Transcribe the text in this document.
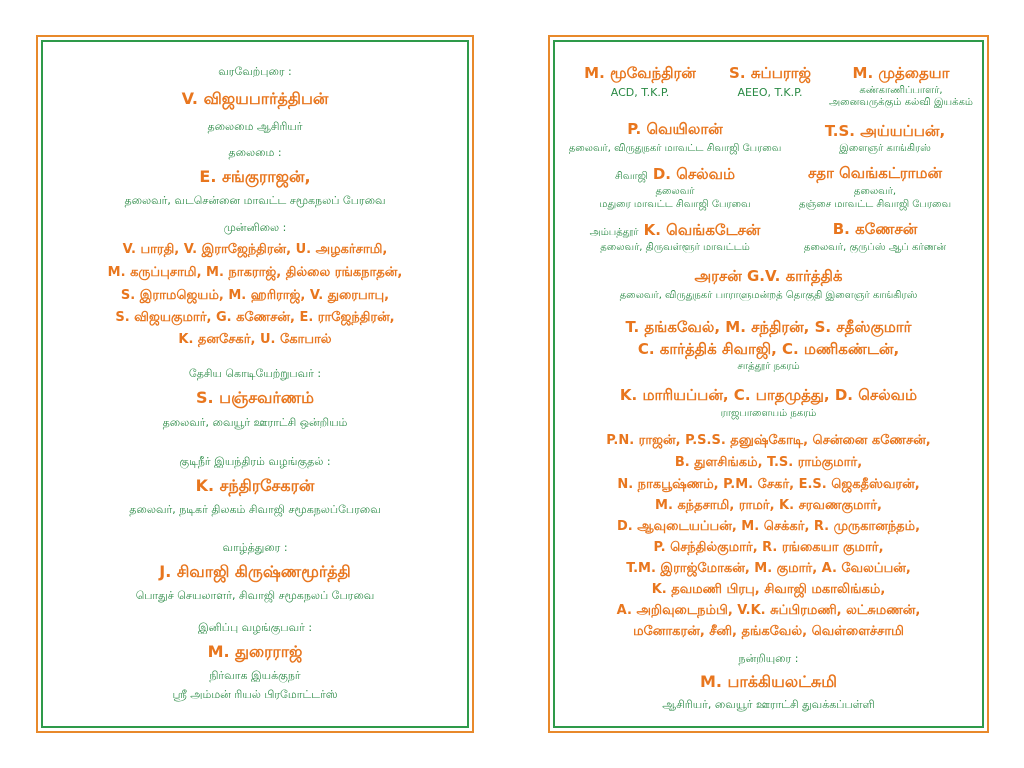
வரவேற்புரை :
V. விஜயபார்த்திபன்
தலைமை ஆசிரியர்
தலைமை :
E. சங்குராஜன்,
தலைவர், வடசென்னை மாவட்ட சமூகநலப் பேரவை
முன்னிலை :
V. பாரதி, V. இராஜேந்திரன், U. அழகர்சாமி,
M. கருப்புசாமி, M. நாகராஜ், தில்லை ரங்கநாதன்,
S. இராமஜெயம், M. ஹரிராஜ், V. துரைபாபு,
S. விஜயகுமார், G. கணேசன், E. ராஜேந்திரன்,
K. தனசேகர், U. கோபால்
தேசிய கொடியேற்றுபவர் :
S. பஞ்சவர்ணம்
தலைவர், வையூர் ஊராட்சி ஒன்றியம்
குடிநீர் இயந்திரம் வழங்குதல் :
K. சந்திரசேகரன்
தலைவர், நடிகர் திலகம் சிவாஜி சமூகநலப்பேரவை
வாழ்த்துரை :
J. சிவாஜி கிருஷ்ணமூர்த்தி
பொதுச் செயலாளர், சிவாஜி சமூகநலப் பேரவை
இனிப்பு வழங்குபவர் :
M. துரைராஜ்
நிர்வாக இயக்குநர்
ஸ்ரீ அம்மன் ரியல் பிரமோட்டர்ஸ்
M. மூவேந்திரன்	S. சுப்பராஜ்	M. முத்தையா
ACD, T.K.P.	AEEO, T.K.P.	கண்காணிப்பாளர்,
அனைவருக்கும் கல்வி இயக்கம்
P. வெயிலான்	T.S. அய்யப்பன்,
தலைவர், விருதுநகர் மாவட்ட சிவாஜி பேரவை	இளைஞர் காங்கிரஸ்
சிவாஜி D. செல்வம்	சதா வெங்கட்ராமன்
தலைவர்	தலைவர்,
மதுரை மாவட்ட சிவாஜி பேரவை	தஞ்சை மாவட்ட சிவாஜி பேரவை
அம்பத்தூர் K. வெங்கடேசன்	B. கணேசன்
தலைவர், திருவள்ளூர் மாவட்டம்	தலைவர், குருப்ஸ் ஆப் கர்ணன்
அரசன் G.V. கார்த்திக்
தலைவர், விருதுநகர் பாராளுமன்றத் தொகுதி இளைஞர் காங்கிரஸ்
T. தங்கவேல், M. சந்திரன், S. சதீஸ்குமார்
C. கார்த்திக் சிவாஜி, C. மணிகண்டன்,
சாத்தூர் நகரம்
K. மாரியப்பன், C. பாதமுத்து, D. செல்வம்
ராஜபாளையம் நகரம்
P.N. ராஜன், P.S.S. தனுஷ்கோடி, சென்னை கணேசன்,
B. துளசிங்கம், T.S. ராம்குமார்,
N. நாகபூஷ்ணம், P.M. சேகர், E.S. ஜெகதீஸ்வரன்,
M. கந்தசாமி, ராமர், K. சரவணகுமார்,
D. ஆவுடையப்பன், M. செக்கர், R. முருகானந்தம்,
P. செந்தில்குமார், R. ரங்கையா குமார்,
T.M. இராஜ்மோகன், M. குமார், A. வேலப்பன்,
K. தவமணி பிரபு, சிவாஜி மகாலிங்கம்,
A. அறிவுடைநம்பி, V.K. சுப்பிரமணி, லட்சுமணன்,
மனோகரன், சீனி, தங்கவேல், வெள்ளைச்சாமி
நன்றியுரை :
M. பாக்கியலட்சுமி
ஆசிரியர், வையூர் ஊராட்சி துவக்கப்பள்ளி
